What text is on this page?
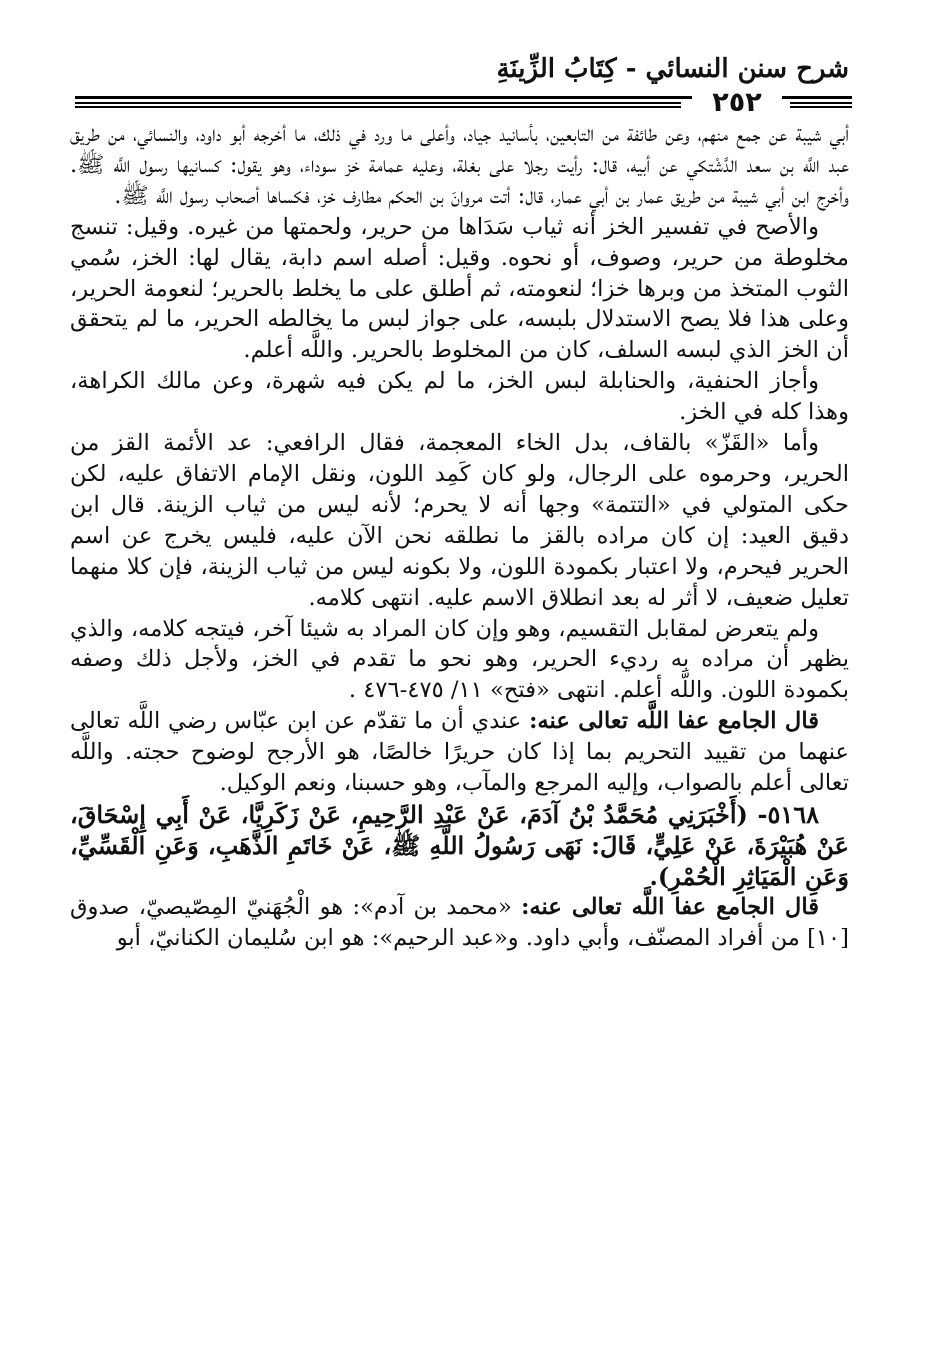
شرح سنن النسائي - كِتَابُ الزِّينَةِ
٢٥٢

أبي شيبة عن جمع منهم، وعن طائفة من التابعين، بأسانيد جياد، وأعلى ما ورد في ذلك، ما أخرجه أبو داود، والنسائي، من طريق عبد اللَّه بن سعد الدَّشْتكي عن أبيه، قال: رأيت رجلا على بغلة، وعليه عمامة خز سوداء، وهو يقول: كسانيها رسول اللَّه ﷺ. وأخرج ابن أبي شيبة من طريق عمار بن أبي عمار، قال: أتت مروانَ بن الحكم مطارف خز، فكساها أصحاب رسول اللَّه ﷺ.

والأصح في تفسير الخز أنه ثياب سَدَاها من حرير، ولحمتها من غيره. وقيل: تنسج مخلوطة من حرير، وصوف، أو نحوه. وقيل: أصله اسم دابة، يقال لها: الخز، سُمي الثوب المتخذ من وبرها خزا؛ لنعومته، ثم أطلق على ما يخلط بالحرير؛ لنعومة الحرير، وعلى هذا فلا يصح الاستدلال بلبسه، على جواز لبس ما يخالطه الحرير، ما لم يتحقق أن الخز الذي لبسه السلف، كان من المخلوط بالحرير. واللَّه أعلم.

وأجاز الحنفية، والحنابلة لبس الخز، ما لم يكن فيه شهرة، وعن مالك الكراهة، وهذا كله في الخز.

وأما «القَزّ» بالقاف، بدل الخاء المعجمة، فقال الرافعي: عد الأئمة القز من الحرير، وحرموه على الرجال، ولو كان كَمِد اللون، ونقل الإمام الاتفاق عليه، لكن حكى المتولي في «التتمة» وجها أنه لا يحرم؛ لأنه ليس من ثياب الزينة. قال ابن دقيق العيد: إن كان مراده بالقز ما نطلقه نحن الآن عليه، فليس يخرج عن اسم الحرير فيحرم، ولا اعتبار بكمودة اللون، ولا بكونه ليس من ثياب الزينة، فإن كلا منهما تعليل ضعيف، لا أثر له بعد انطلاق الاسم عليه. انتهى كلامه.

ولم يتعرض لمقابل التقسيم، وهو وإن كان المراد به شيئا آخر، فيتجه كلامه، والذي يظهر أن مراده به رديء الحرير، وهو نحو ما تقدم في الخز، ولأجل ذلك وصفه بكمودة اللون. واللَّه أعلم. انتهى «فتح» ١١/ ٤٧٥-٤٧٦ .

قال الجامع عفا اللَّه تعالى عنه: عندي أن ما تقدّم عن ابن عبّاس رضي اللَّه تعالى عنهما من تقييد التحريم بما إذا كان حريرًا خالصًا، هو الأرجح لوضوح حجته. واللَّه تعالى أعلم بالصواب، وإليه المرجع والمآب، وهو حسبنا، ونعم الوكيل.

٥١٦٨- (أَخْبَرَنِي مُحَمَّدُ بْنُ آدَمَ، عَنْ عَبْدِ الرَّحِيمِ، عَنْ زَكَرِيَّا، عَنْ أَبِي إِسْحَاقَ، عَنْ هُبَيْرَةَ، عَنْ عَلِيٍّ، قَالَ: نَهَى رَسُولُ اللَّهِ ﷺ، عَنْ خَاتَمِ الذَّهَبِ، وَعَنِ الْقَسِّيِّ، وَعَنِ الْمَيَاثِرِ الْحُمْرِ).

قال الجامع عفا اللَّه تعالى عنه: «محمد بن آدم»: هو الْجُهَنيّ المِصّيصيّ، صدوق [١٠] من أفراد المصنّف، وأبي داود. و«عبد الرحيم»: هو ابن سُليمان الكنانيّ، أبو
